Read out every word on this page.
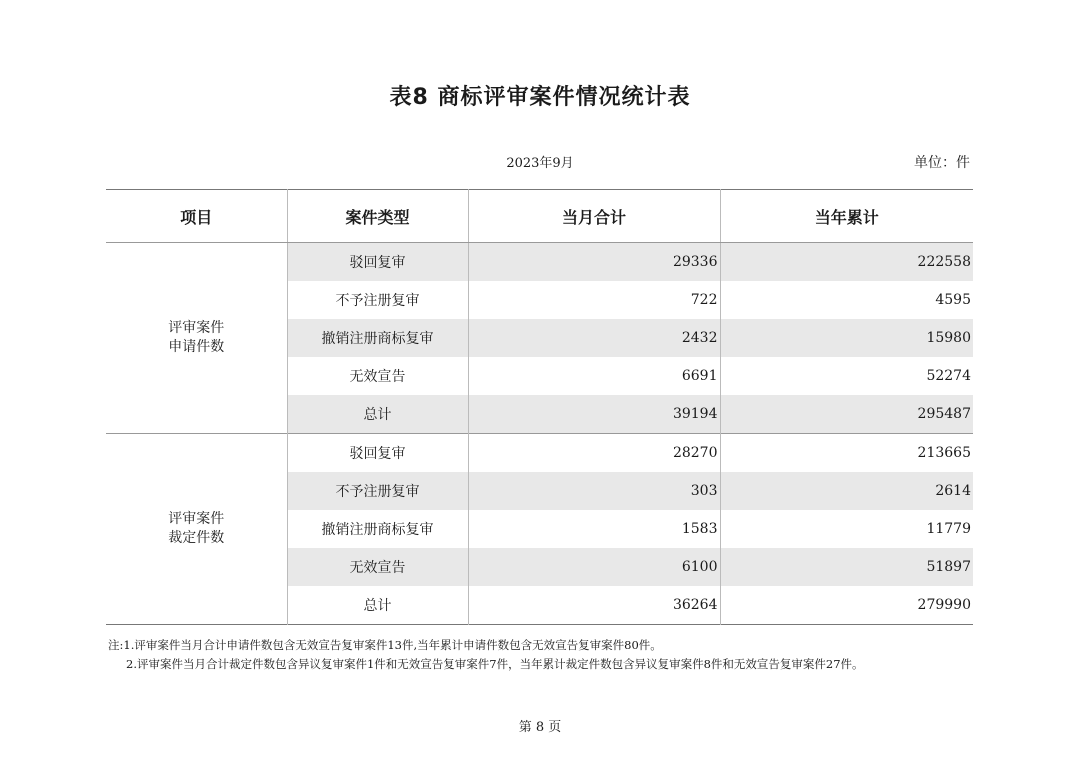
表8 商标评审案件情况统计表
2023年9月	单位：件
项目	案件类型	当月合计	当年累计

评审案件
申请件数	驳回复审	29336	222558
	不予注册复审	722	4595
	撤销注册商标复审	2432	15980
	无效宣告	6691	52274
	总计	39194	295487

评审案件
裁定件数	驳回复审	28270	213665
	不予注册复审	303	2614
	撤销注册商标复审	1583	11779
	无效宣告	6100	51897
	总计	36264	279990
注:1.评审案件当月合计申请件数包含无效宣告复审案件13件,当年累计申请件数包含无效宣告复审案件80件。
2.评审案件当月合计裁定件数包含异议复审案件1件和无效宣告复审案件7件，当年累计裁定件数包含异议复审案件8件和无效宣告复审案件27件。
第 8 页
